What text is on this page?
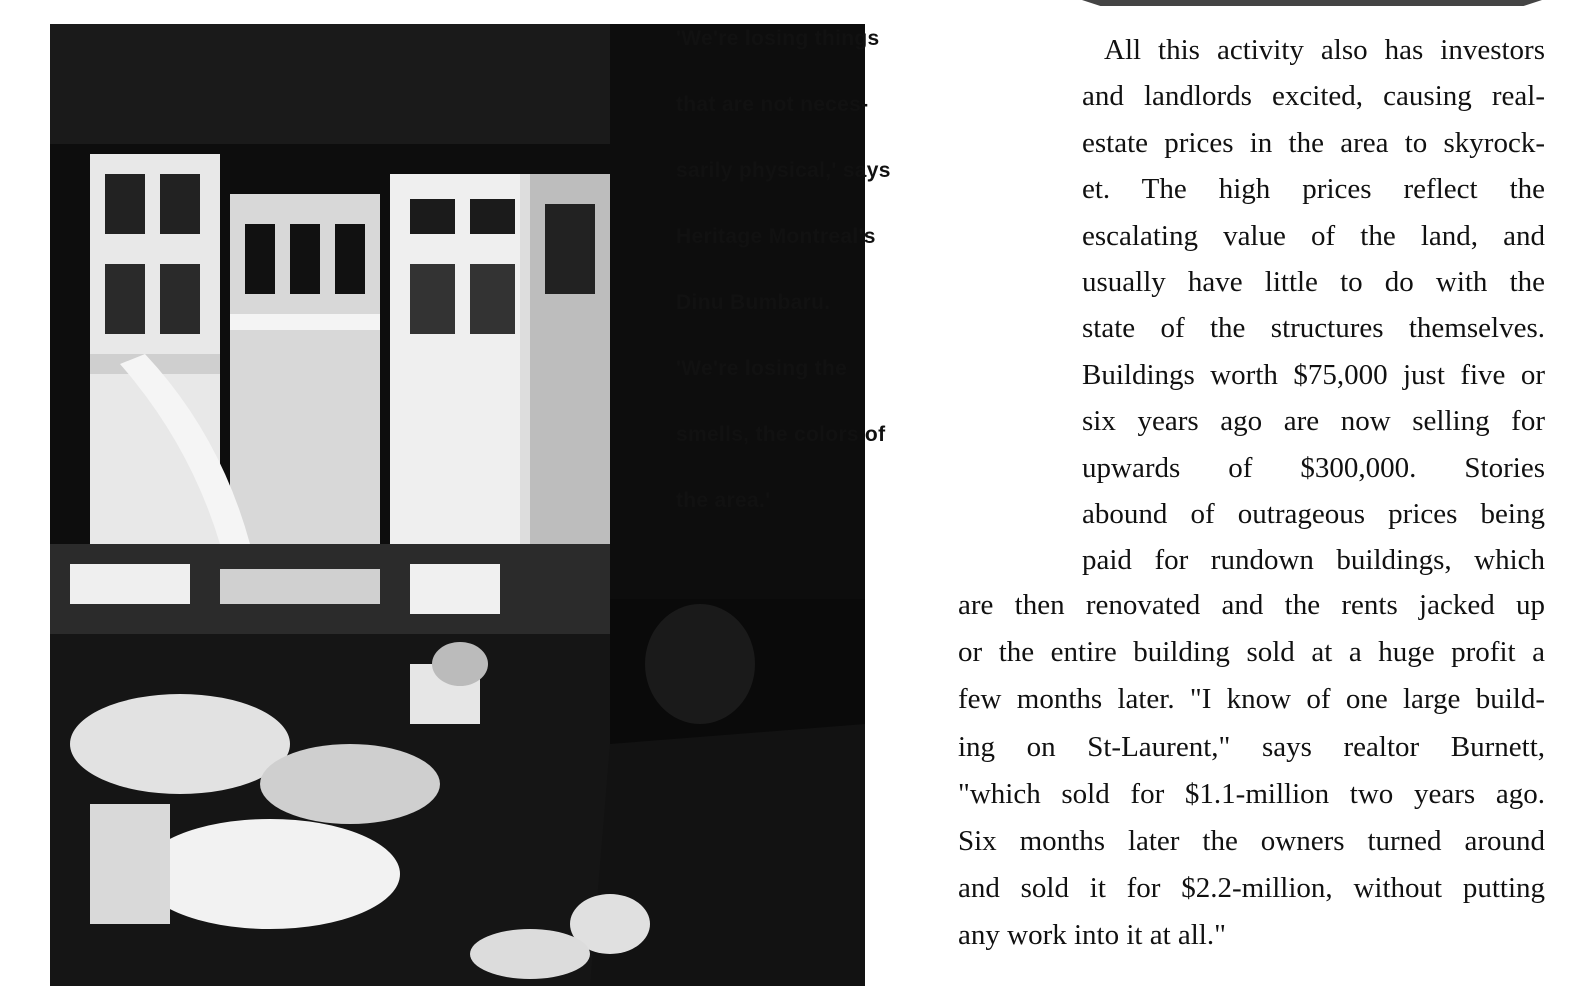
'We're losing things
that are not neces-
sarily physical,' says
Heritage Montreal's
Dinu Bumbaru.
'We're losing the
smells, the colors of
the area.'
All this activity also has investors
and landlords excited, causing real-
estate prices in the area to skyrock-
et. The high prices reflect the
escalating value of the land, and
usually have little to do with the
state of the structures themselves.
Buildings worth $75,000 just five or
six years ago are now selling for
upwards of $300,000. Stories
abound of outrageous prices being
paid for rundown buildings, which
are then renovated and the rents jacked up
or the entire building sold at a huge profit a
few months later. "I know of one large build-
ing on St-Laurent," says realtor Burnett,
"which sold for $1.1-million two years ago.
Six months later the owners turned around
and sold it for $2.2-million, without putting
any work into it at all."
